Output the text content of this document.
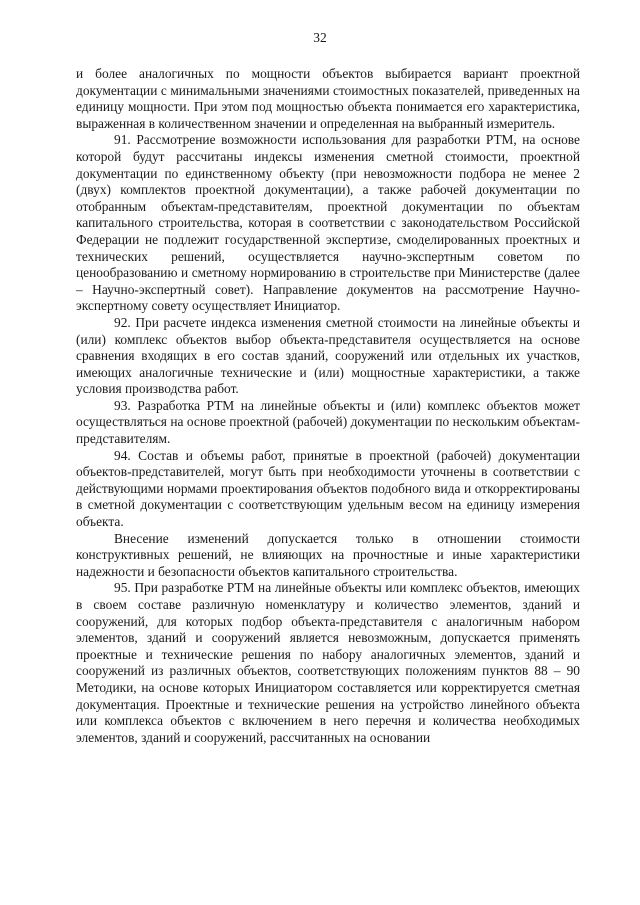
32

и более аналогичных по мощности объектов выбирается вариант проектной документации с минимальными значениями стоимостных показателей, приведенных на единицу мощности. При этом под мощностью объекта понимается его характеристика, выраженная в количественном значении и определенная на выбранный измеритель.

91. Рассмотрение возможности использования для разработки РТМ, на основе которой будут рассчитаны индексы изменения сметной стоимости, проектной документации по единственному объекту (при невозможности подбора не менее 2 (двух) комплектов проектной документации), а также рабочей документации по отобранным объектам-представителям, проектной документации по объектам капитального строительства, которая в соответствии с законодательством Российской Федерации не подлежит государственной экспертизе, смоделированных проектных и технических решений, осуществляется научно-экспертным советом по ценообразованию и сметному нормированию в строительстве при Министерстве (далее – Научно-экспертный совет). Направление документов на рассмотрение Научно-экспертному совету осуществляет Инициатор.

92. При расчете индекса изменения сметной стоимости на линейные объекты и (или) комплекс объектов выбор объекта-представителя осуществляется на основе сравнения входящих в его состав зданий, сооружений или отдельных их участков, имеющих аналогичные технические и (или) мощностные характеристики, а также условия производства работ.

93. Разработка РТМ на линейные объекты и (или) комплекс объектов может осуществляться на основе проектной (рабочей) документации по нескольким объектам-представителям.

94. Состав и объемы работ, принятые в проектной (рабочей) документации объектов-представителей, могут быть при необходимости уточнены в соответствии с действующими нормами проектирования объектов подобного вида и откорректированы в сметной документации с соответствующим удельным весом на единицу измерения объекта.

Внесение изменений допускается только в отношении стоимости конструктивных решений, не влияющих на прочностные и иные характеристики надежности и безопасности объектов капитального строительства.

95. При разработке РТМ на линейные объекты или комплекс объектов, имеющих в своем составе различную номенклатуру и количество элементов, зданий и сооружений, для которых подбор объекта-представителя с аналогичным набором элементов, зданий и сооружений является невозможным, допускается применять проектные и технические решения по набору аналогичных элементов, зданий и сооружений из различных объектов, соответствующих положениям пунктов 88 – 90 Методики, на основе которых Инициатором составляется или корректируется сметная документация. Проектные и технические решения на устройство линейного объекта или комплекса объектов с включением в него перечня и количества необходимых элементов, зданий и сооружений, рассчитанных на основании
